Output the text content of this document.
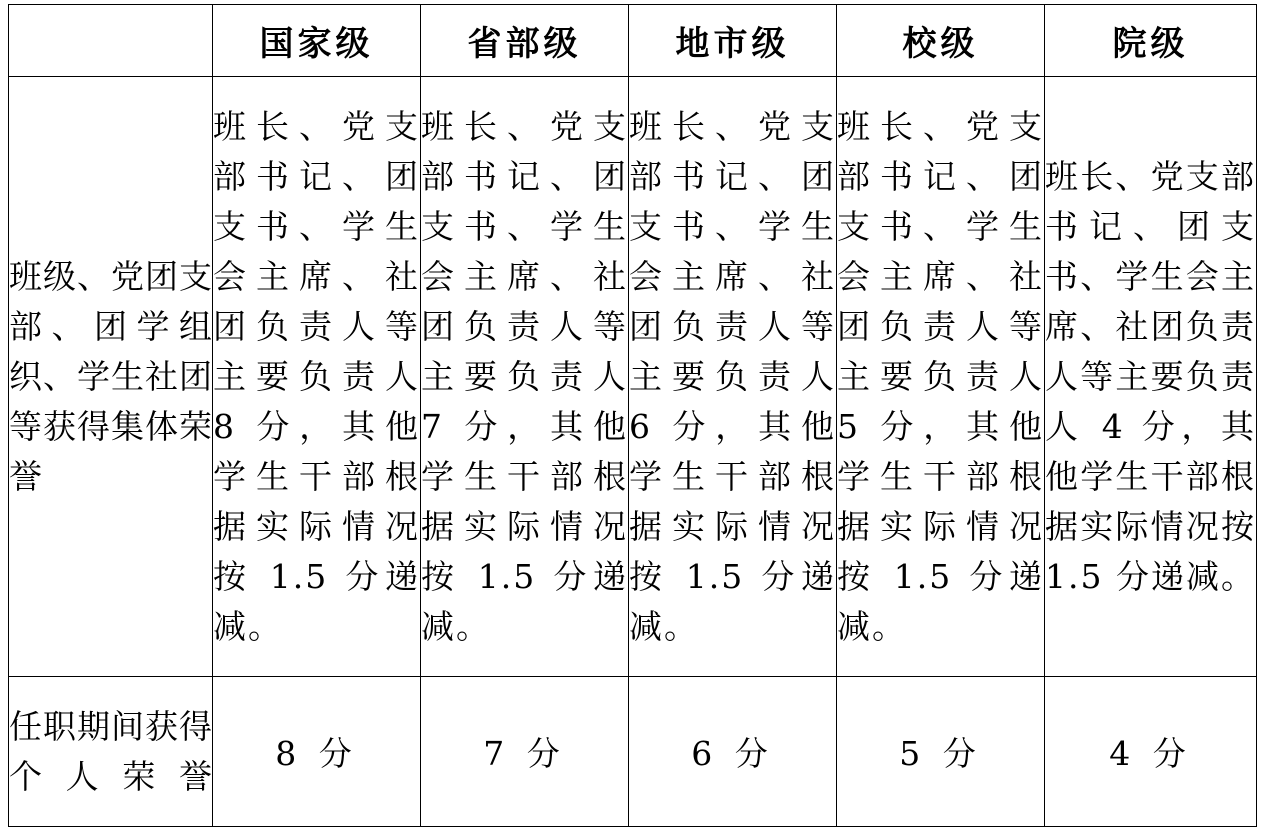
	国家级	省部级	地市级	校级	院级
班级、党团支部、团学组织、学生社团等获得集体荣誉	班长、党支部书记、团支书、学生会主席、社团负责人等主要负责人 8 分，其他学生干部根据实际情况按 1.5 分递减。	班长、党支部书记、团支书、学生会主席、社团负责人等主要负责人 7 分，其他学生干部根据实际情况按 1.5 分递减。	班长、党支部书记、团支书、学生会主席、社团负责人等主要负责人 6 分，其他学生干部根据实际情况按 1.5 分递减。	班长、党支部书记、团支书、学生会主席、社团负责人等主要负责人 5 分，其他学生干部根据实际情况按 1.5 分递减。	班长、党支部书记、团支书、学生会主席、社团负责人等主要负责人 4 分，其他学生干部根据实际情况按 1.5 分递减。

任职期间获得个人荣誉	8 分	7 分	6 分	5 分	4 分
